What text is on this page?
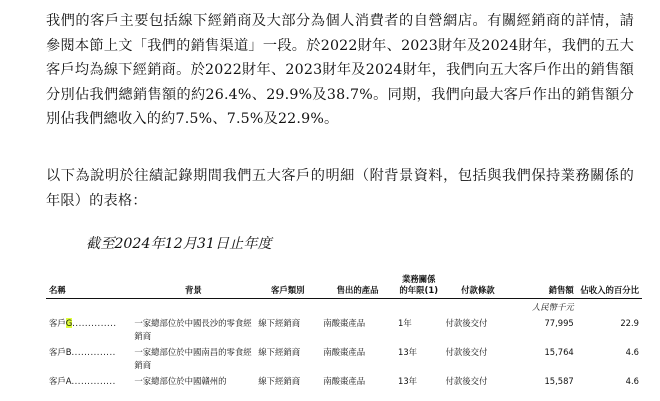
我們的客戶主要包括線下經銷商及大部分為個人消費者的自營網店。有關經銷商的詳情，請參閱本節上文「我們的銷售渠道」一段。於2022財年、2023財年及2024財年，我們的五大客戶均為線下經銷商。於2022財年、2023財年及2024財年，我們向五大客戶作出的銷售額分別佔我們總銷售額的約26.4%、29.9%及38.7%。同期，我們向最大客戶作出的銷售額分別佔我們總收入的約7.5%、7.5%及22.9%。
以下為說明於往績記錄期間我們五大客戶的明細（附背景資料，包括與我們保持業務關係的年限）的表格：
截至2024年12月31日止年度
名稱	背景	客戶類別	售出的產品	業務關係的年限(1)	付款條款	銷售額	佔收入的百分比
						人民幣千元	
客戶G..............	一家總部位於中國長沙的零食經銷商	線下經銷商	南酸棗產品	1年	付款後交付	77,995	22.9
客戶B..............	一家總部位於中國南昌的零食經銷商	線下經銷商	南酸棗產品	13年	付款後交付	15,764	4.6
客戶A..............	一家總部位於中國贛州的	線下經銷商	南酸棗產品	13年	付款後交付	15,587	4.6
